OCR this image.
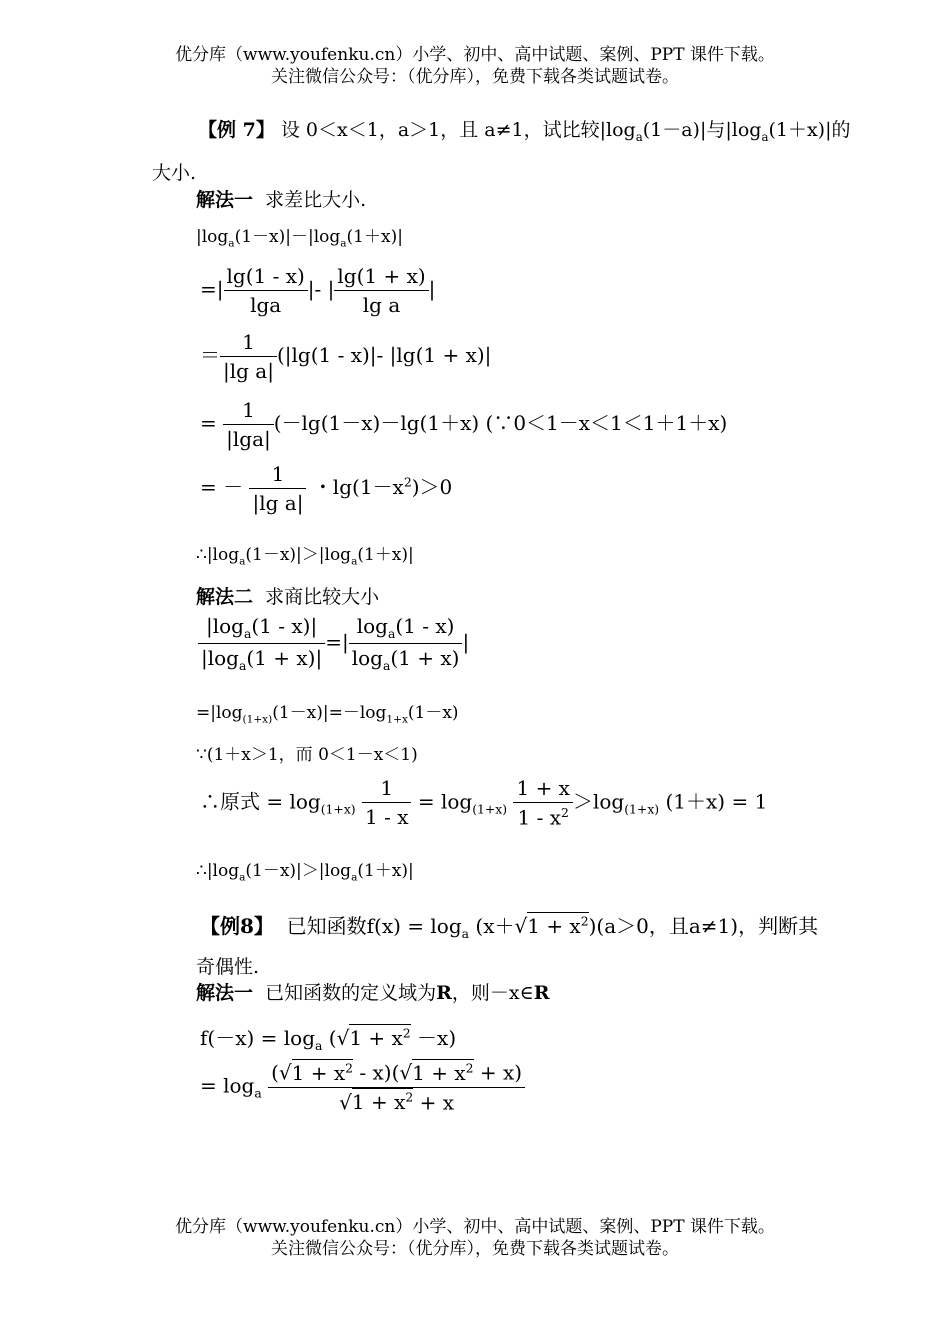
优分库（www.youfenku.cn）小学、初中、高中试题、案例、PPT 课件下载。
关注微信公众号：（优分库），免费下载各类试题试卷。
【例 7】 设 0＜x＜1，a＞1，且 a≠1，试比较$|\log_a(1-a)|$与$|\log_a(1+x)|$的
大小.
解法一 求差比大小.
$|\log_a(1-x)|-|\log_a(1+x)|$
=| $\frac{\lg(1 - x)}{\lg a}$ |- | $\frac{\lg(1 + x)}{\text{lg a}}$ |
＝ $\frac{1}{\text{|lg a|}} (|\lg(1 - x)|-$ |lg(1 + x)|
= $\frac{1}{|\lg a|} (-\lg(1-x)-\lg(1+x)$ (∵0＜1－x＜1＜1＋1＋x)
= － $\frac{1}{\text{|lg a|}}$ ・$\lg(1-x^2)>0$
$\therefore|\log_a(1-x)|>|\log_a(1+x)|$
解法二 求商比较大小
$\frac{|\log_a(1 - x)|}{|\log_a(1 + x)|}$ =| $\frac{\log_a(1 - x)}{\log_a(1 + x)}$ |
$=|\log_{(1+x)}(1-x)|=-\log_{1+x}(1-x)$
∵(1＋x＞1，而 0＜1－x＜1)
∴原式 = $\log_{(1+x)} \frac{1}{1 - x} = \log_{(1+x)} \frac{1 + x}{1 - x^2} >\log_{(1+x)}$ (1＋x) = 1
$\therefore|\log_a(1-x)|>|\log_a(1+x)|$
【例8】 已知函数$f(x) = \log_a (x+√1 + x^2)(a>0$，且a≠1)，判断其
奇偶性.
解法一 已知函数的定义域为R，则－x∈R
$f(-x) = \log_a (√1 + x^2 -x)$
= $\log_a \frac{(√1 + x^2 - x)(√1 + x^2 + x)}{√1 + x^2 + x}$
优分库（www.youfenku.cn）小学、初中、高中试题、案例、PPT 课件下载。
关注微信公众号：（优分库），免费下载各类试题试卷。
